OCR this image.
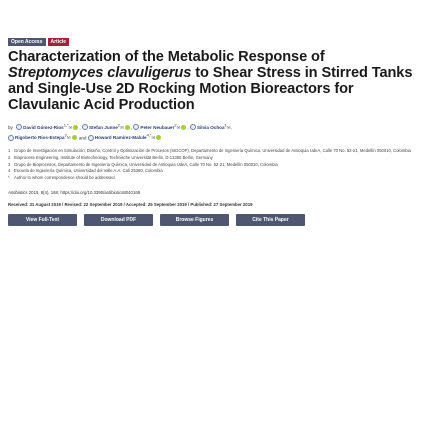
Open Access	Article
Characterization of the Metabolic Response of
Streptomyces clavuligerus to Shear Stress in Stirred Tanks and Single-Use 2D Rocking Motion Bioreactors for Clavulanic Acid Production
by David Gómez-Ríos1,*✉ , Stefan Junne2✉ , Peter Neubauer2✉ , Silvia Ochoa1✉,
Rigoberto Ríos-Estepa3✉ and Howard Ramírez-Malule4,*✉
1 Grupo de Investigación en Simulación, Diseño, Control y Optimización de Procesos (SIDCOP), Departamento de Ingeniería Química, Universidad de Antioquia UdeA, Calle 70 No. 52-21, Medellín 050010, Colombia
2 Bioprocess Engineering, Institute of Biotechnology, Technische Universität Berlin, D-13355 Berlin, Germany
3 Grupo de Bioprocesos, Departamento de Ingeniería Química, Universidad de Antioquia UdeA, Calle 70 No. 52-21, Medellín 050010, Colombia
4 Escuela de Ingeniería Química, Universidad del Valle A.A. Cali 25360, Colombia
*	Author to whom correspondence should be addressed.
Antibiotics 2019, 8(4), 168; https://doi.org/10.3390/antibiotics8040168
Received: 31 August 2019 / Revised: 22 September 2019 / Accepted: 25 September 2019 / Published: 27 September 2019
View Full-Text	Download PDF	Browse Figures	Cite This Paper
